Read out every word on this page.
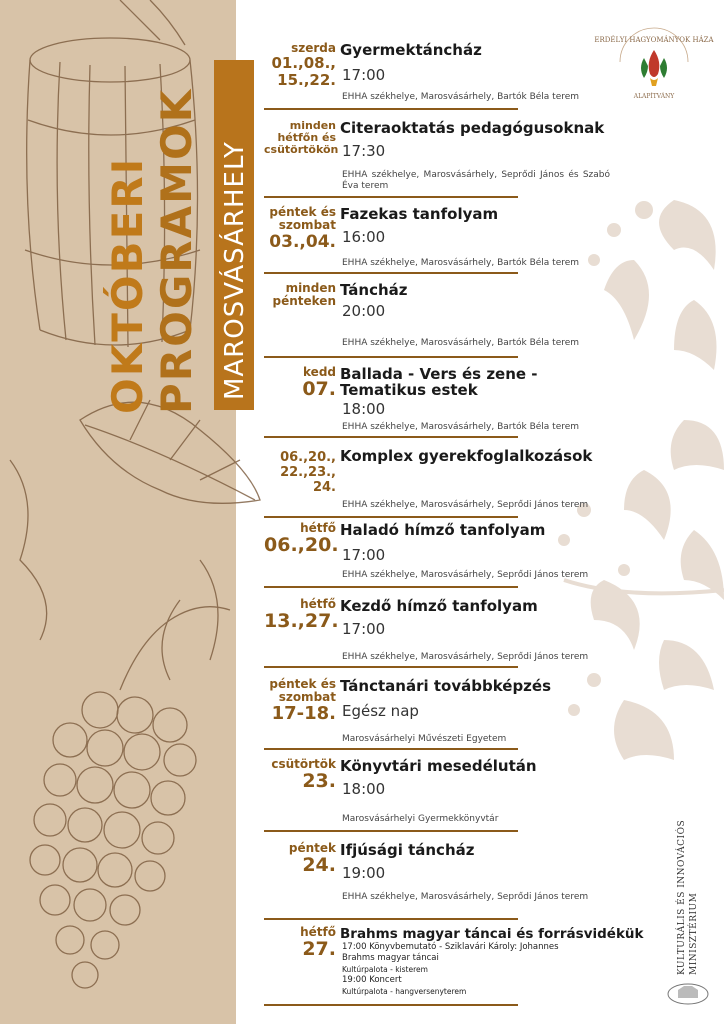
OKTÓBERI PROGRAMOK MAROSVÁSÁRHELY
ERDÉLYI HAGYOMÁNYOK HÁZA
ALAPÍTVÁNY
KULTURÁLIS ÉS INNOVÁCIÓS MINISZTÉRIUM
szerda
01.,08.,
15.,22.
Gyermektáncház
17:00
EHHA székhelye, Marosvásárhely, Bartók Béla terem
minden
hétfőn és
csütörtökön
Citeraoktatás pedagógusoknak
17:30
EHHA székhelye, Marosvásárhely, Seprődi János és Szabó Éva terem
péntek és
szombat
03.,04.
Fazekas tanfolyam
16:00
EHHA székhelye, Marosvásárhely, Bartók Béla terem
minden
pénteken
Táncház
20:00
EHHA székhelye, Marosvásárhely, Bartók Béla terem
kedd
07.
Ballada - Vers és zene -
Tematikus estek
18:00
EHHA székhelye, Marosvásárhely, Bartók Béla terem
06.,20.,
22.,23.,
24.
Komplex gyerekfoglalkozások
EHHA székhelye, Marosvásárhely, Seprődi János terem
hétfő
06.,20.
Haladó hímző tanfolyam
17:00
EHHA székhelye, Marosvásárhely, Seprődi János terem
hétfő
13.,27.
Kezdő hímző tanfolyam
17:00
EHHA székhelye, Marosvásárhely, Seprődi János terem
péntek és
szombat
17-18.
Tánctanári továbbképzés
Egész nap
Marosvásárhelyi Művészeti Egyetem
csütörtök
23.
Könyvtári mesedélután
18:00
Marosvásárhelyi Gyermekkönyvtár
péntek
24.
Ifjúsági táncház
19:00
EHHA székhelye, Marosvásárhely, Seprődi János terem
hétfő
27.
Brahms magyar táncai és forrásvidékük
17:00 Könyvbemutató - Sziklavári Károly: Johannes
Brahms magyar táncai
Kultúrpalota - kisterem
19:00 Koncert
Kultúrpalota - hangversenyterem
